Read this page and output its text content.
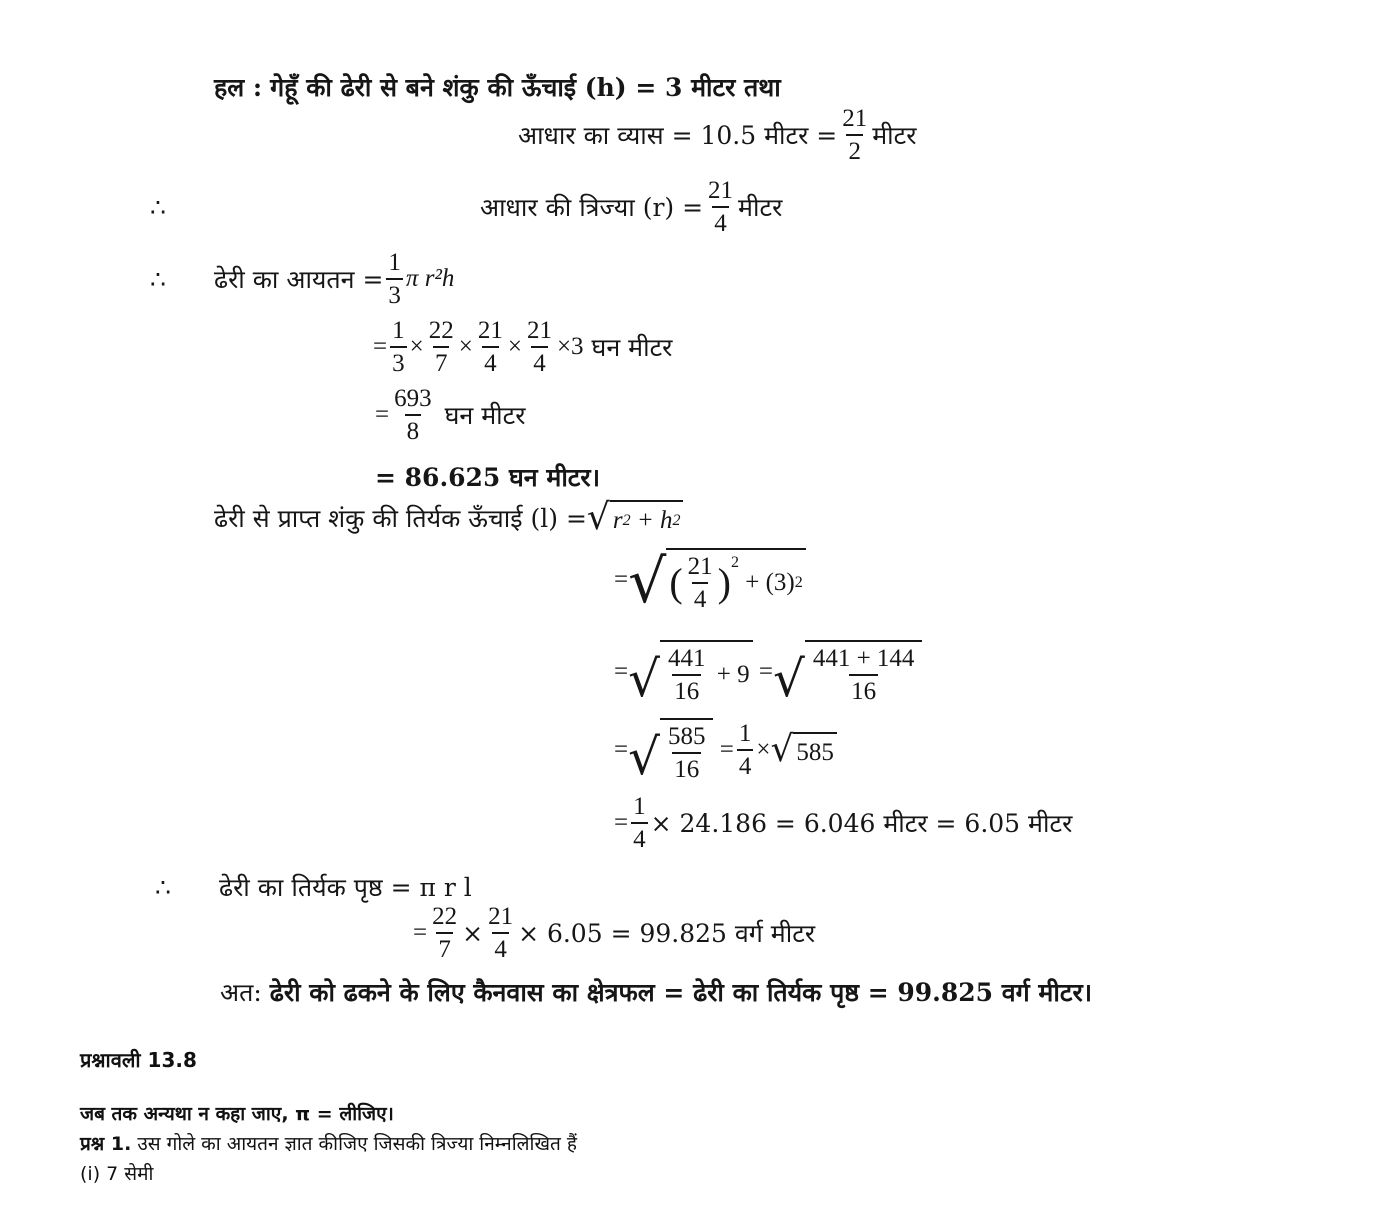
हल : गेहूँ की ढेरी से बने शंकु की ऊँचाई (h) = 3 मीटर तथा
आधार का व्यास = 10.5 मीटर = $\frac{21}{2}$ मीटर
∴	आधार की त्रिज्या $(r) = \frac{21}{4}$ मीटर
∴	ढेरी का आयतन = $\frac{1}{3}$ π r²h
= $\frac{1}{3} \times \frac{22}{7} \times \frac{21}{4} \times \frac{21}{4} \times 3$ घन मीटर
= $\frac{693}{8}$ घन मीटर
= 86.625 घन मीटर।
ढेरी से प्राप्त शंकु की तिर्यक ऊँचाई (l) = √ r 2 + h 2
= √ ( $\frac{21}{4} )^2$
+ (3) 2
= √ $\frac{441}{16} + 9$ = √ $\frac{441 + 144}{16}$
= √ $\frac{585}{16} = \frac{1}{4}$ × √ 585
= $\frac{1}{4} \times 24.186 = 6.046$ मीटर = 6.05 मीटर
∴	ढेरी का तिर्यक पृष्ठ = π r l
= $\frac{22}{7} \times \frac{21}{4} \times 6.05 = 99.825$ वर्ग मीटर
अत: ढेरी को ढकने के लिए कैनवास का क्षेत्रफल = ढेरी का तिर्यक पृष्ठ = 99.825 वर्ग मीटर।
प्रश्नावली 13.8
जब तक अन्यथा न कहा जाए, π = लीजिए।
प्रश्न 1. उस गोले का आयतन ज्ञात कीजिए जिसकी त्रिज्या निम्नलिखित हैं
(i) 7 सेमी
